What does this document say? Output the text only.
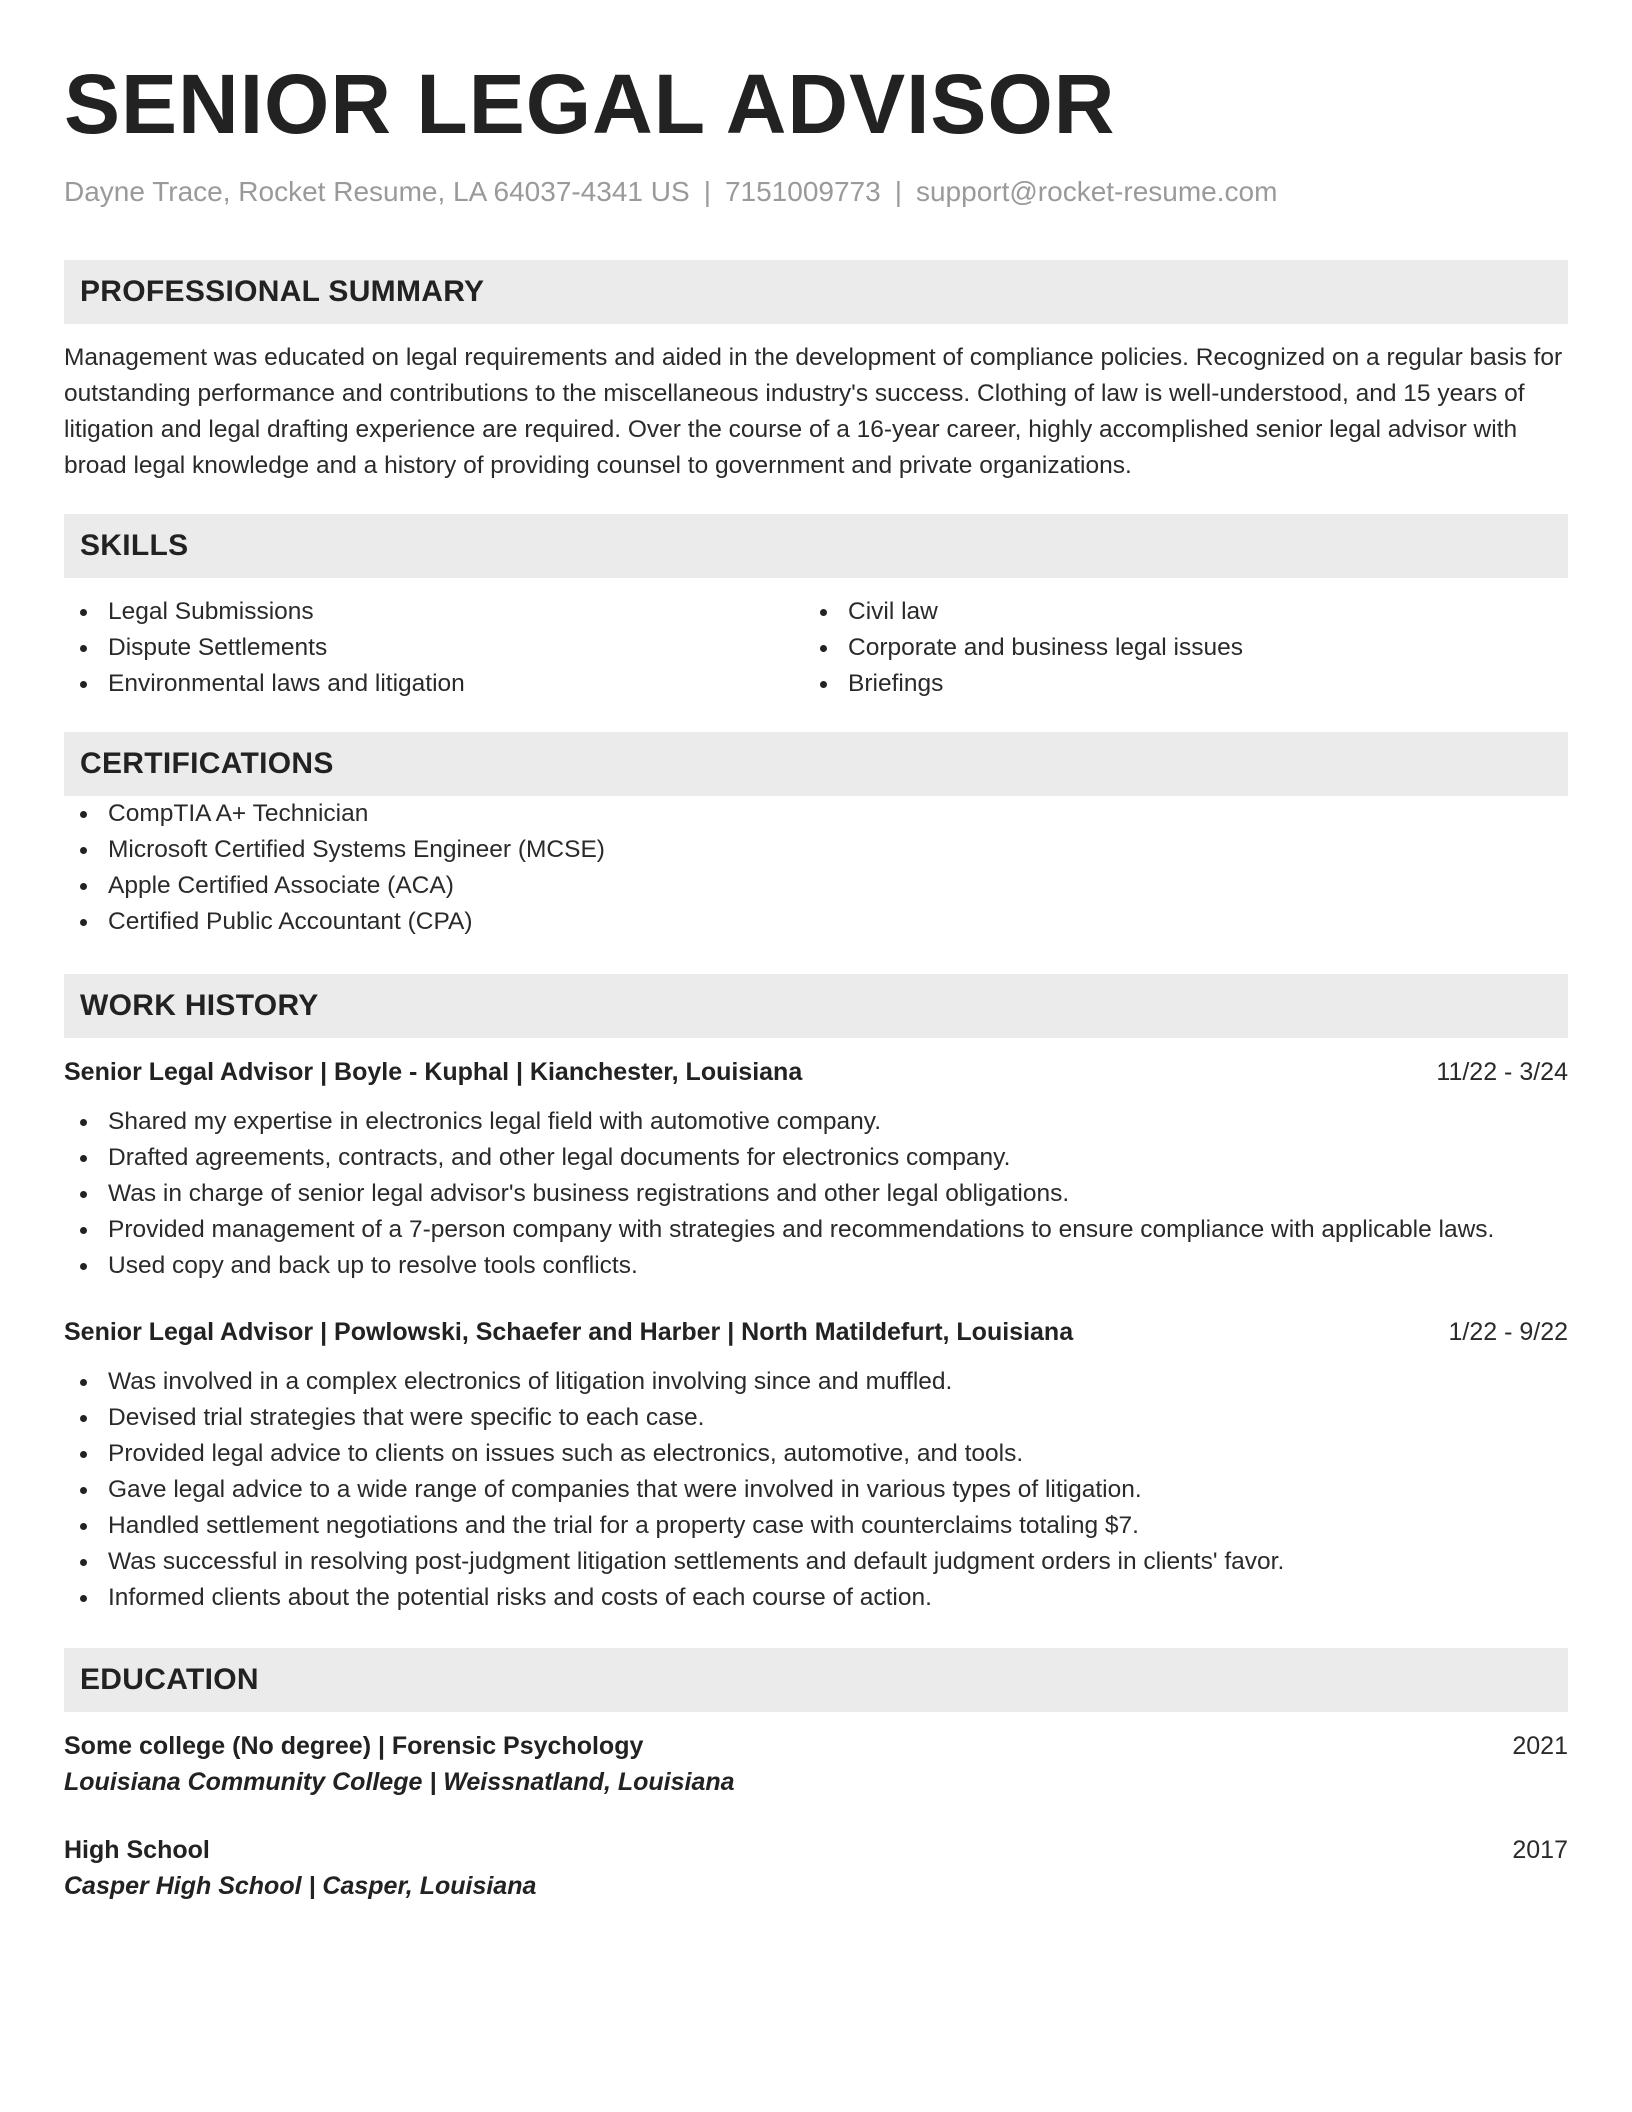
SENIOR LEGAL ADVISOR
Dayne Trace, Rocket Resume, LA 64037-4341 US | 7151009773 | support@rocket-resume.com
PROFESSIONAL SUMMARY
Management was educated on legal requirements and aided in the development of compliance policies. Recognized on a regular basis for outstanding performance and contributions to the miscellaneous industry's success. Clothing of law is well-understood, and 15 years of litigation and legal drafting experience are required. Over the course of a 16-year career, highly accomplished senior legal advisor with broad legal knowledge and a history of providing counsel to government and private organizations.
SKILLS
Legal Submissions
Dispute Settlements
Environmental laws and litigation
Civil law
Corporate and business legal issues
Briefings
CERTIFICATIONS
CompTIA A+ Technician
Microsoft Certified Systems Engineer (MCSE)
Apple Certified Associate (ACA)
Certified Public Accountant (CPA)
WORK HISTORY
Senior Legal Advisor | Boyle - Kuphal | Kianchester, Louisiana	11/22 - 3/24
Shared my expertise in electronics legal field with automotive company.
Drafted agreements, contracts, and other legal documents for electronics company.
Was in charge of senior legal advisor's business registrations and other legal obligations.
Provided management of a 7-person company with strategies and recommendations to ensure compliance with applicable laws.
Used copy and back up to resolve tools conflicts.
Senior Legal Advisor | Powlowski, Schaefer and Harber | North Matildefurt, Louisiana	1/22 - 9/22
Was involved in a complex electronics of litigation involving since and muffled.
Devised trial strategies that were specific to each case.
Provided legal advice to clients on issues such as electronics, automotive, and tools.
Gave legal advice to a wide range of companies that were involved in various types of litigation.
Handled settlement negotiations and the trial for a property case with counterclaims totaling $7.
Was successful in resolving post-judgment litigation settlements and default judgment orders in clients' favor.
Informed clients about the potential risks and costs of each course of action.
EDUCATION
Some college (No degree) | Forensic Psychology	2021
Louisiana Community College | Weissnatland, Louisiana
High School	2017
Casper High School | Casper, Louisiana
